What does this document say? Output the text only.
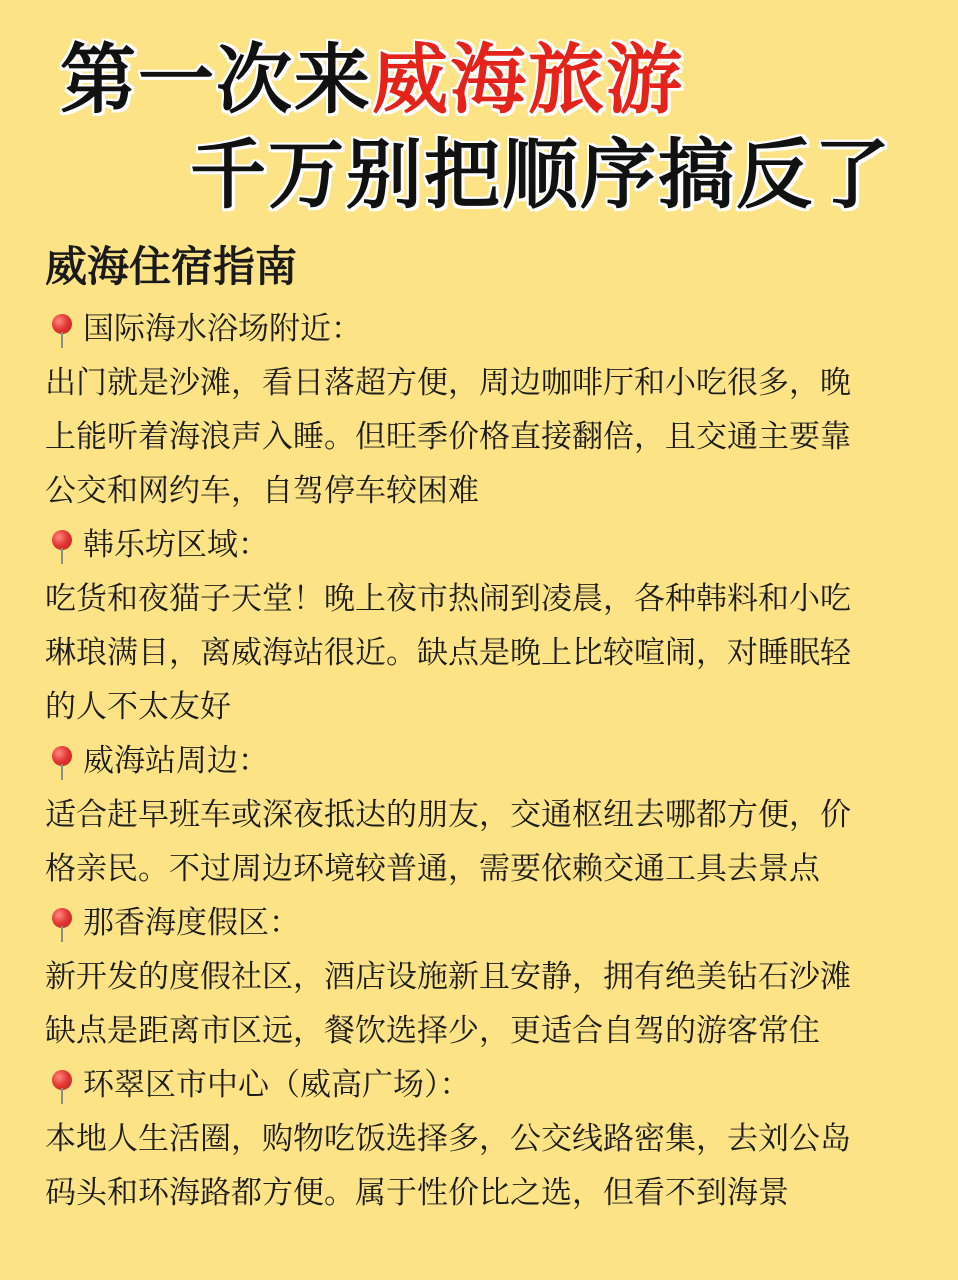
第一次来威海旅游
千万别把顺序搞反了
威海住宿指南
国际海水浴场附近：
出门就是沙滩，看日落超方便，周边咖啡厅和小吃很多，晚
上能听着海浪声入睡。但旺季价格直接翻倍，且交通主要靠
公交和网约车，自驾停车较困难
韩乐坊区域：
吃货和夜猫子天堂！晚上夜市热闹到凌晨，各种韩料和小吃
琳琅满目，离威海站很近。缺点是晚上比较喧闹，对睡眠轻
的人不太友好
威海站周边：
适合赶早班车或深夜抵达的朋友，交通枢纽去哪都方便，价
格亲民。不过周边环境较普通，需要依赖交通工具去景点
那香海度假区：
新开发的度假社区，酒店设施新且安静，拥有绝美钻石沙滩
缺点是距离市区远，餐饮选择少，更适合自驾的游客常住
环翠区市中心（威高广场）：
本地人生活圈，购物吃饭选择多，公交线路密集，去刘公岛
码头和环海路都方便。属于性价比之选，但看不到海景
